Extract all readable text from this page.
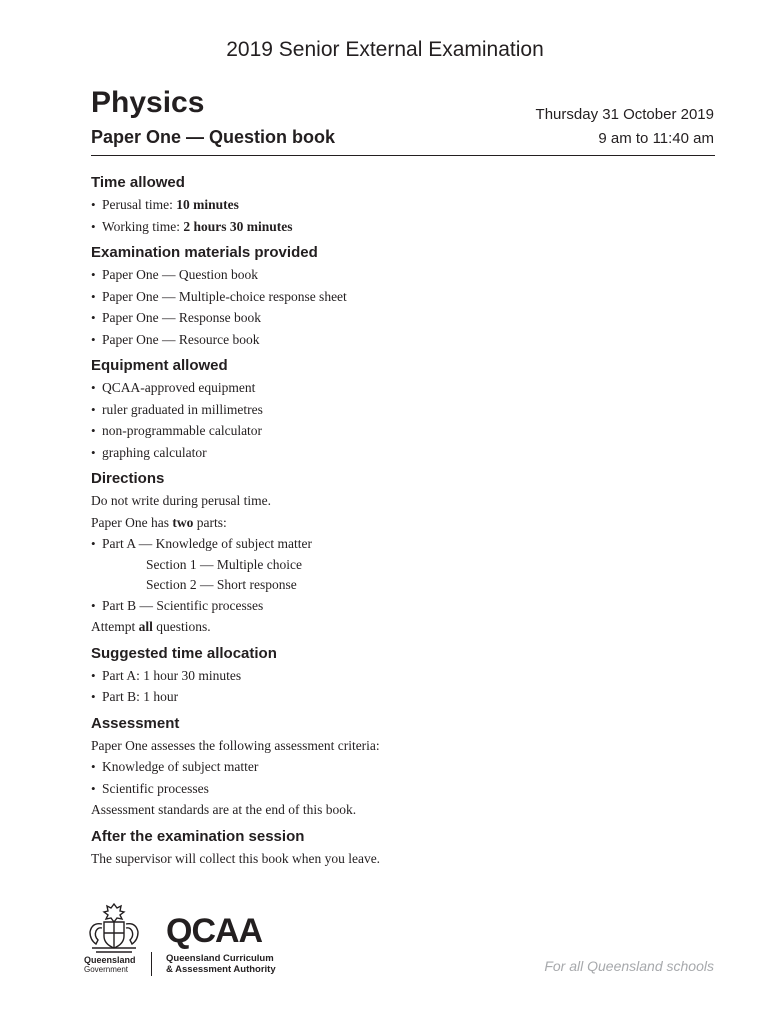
2019 Senior External Examination
Physics
Paper One — Question book
Thursday 31 October 2019
9 am to 11:40 am
Time allowed
• Perusal time: 10 minutes
• Working time: 2 hours 30 minutes
Examination materials provided
• Paper One — Question book
• Paper One — Multiple-choice response sheet
• Paper One — Response book
• Paper One — Resource book
Equipment allowed
• QCAA-approved equipment
• ruler graduated in millimetres
• non-programmable calculator
• graphing calculator
Directions

Do not write during perusal time.

Paper One has two parts:

• Part A — Knowledge of subject matter
Section 1 — Multiple choice
Section 2 — Short response
• Part B — Scientific processes

Attempt all questions.

Suggested time allocation
• Part A: 1 hour 30 minutes
• Part B: 1 hour
Assessment

Paper One assesses the following assessment criteria:

• Knowledge of subject matter
• Scientific processes

Assessment standards are at the end of this book.

After the examination session

The supervisor will collect this book when you leave.

Queensland
Government
QCAA
Queensland Curriculum
& Assessment Authority	For all Queensland schools
